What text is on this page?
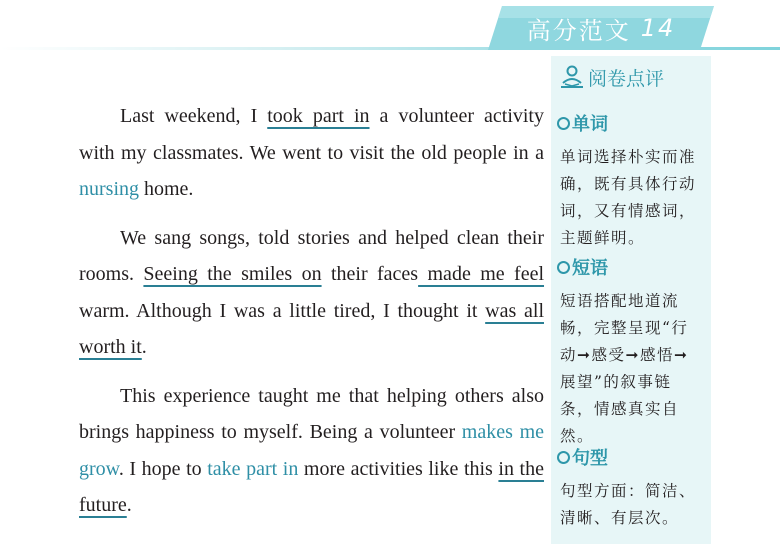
高分范文 14

Last weekend, I took part in a volunteer activity with my classmates. We went to visit the old people in a nursing home.

We sang songs, told stories and helped clean their rooms. Seeing the smiles on their faces made me feel warm. Although I was a little tired, I thought it was all worth it.

This experience taught me that helping others also brings happiness to myself. Being a volunteer makes me grow. I hope to take part in more activities like this in the future.

阅卷点评
单词
单词选择朴实而准确，既有具体行动词，又有情感词，主题鲜明。
短语
短语搭配地道流畅，完整呈现“行动➞感受➞感悟➞展望”的叙事链条，情感真实自然。
句型
句型方面：简洁、清晰、有层次。
